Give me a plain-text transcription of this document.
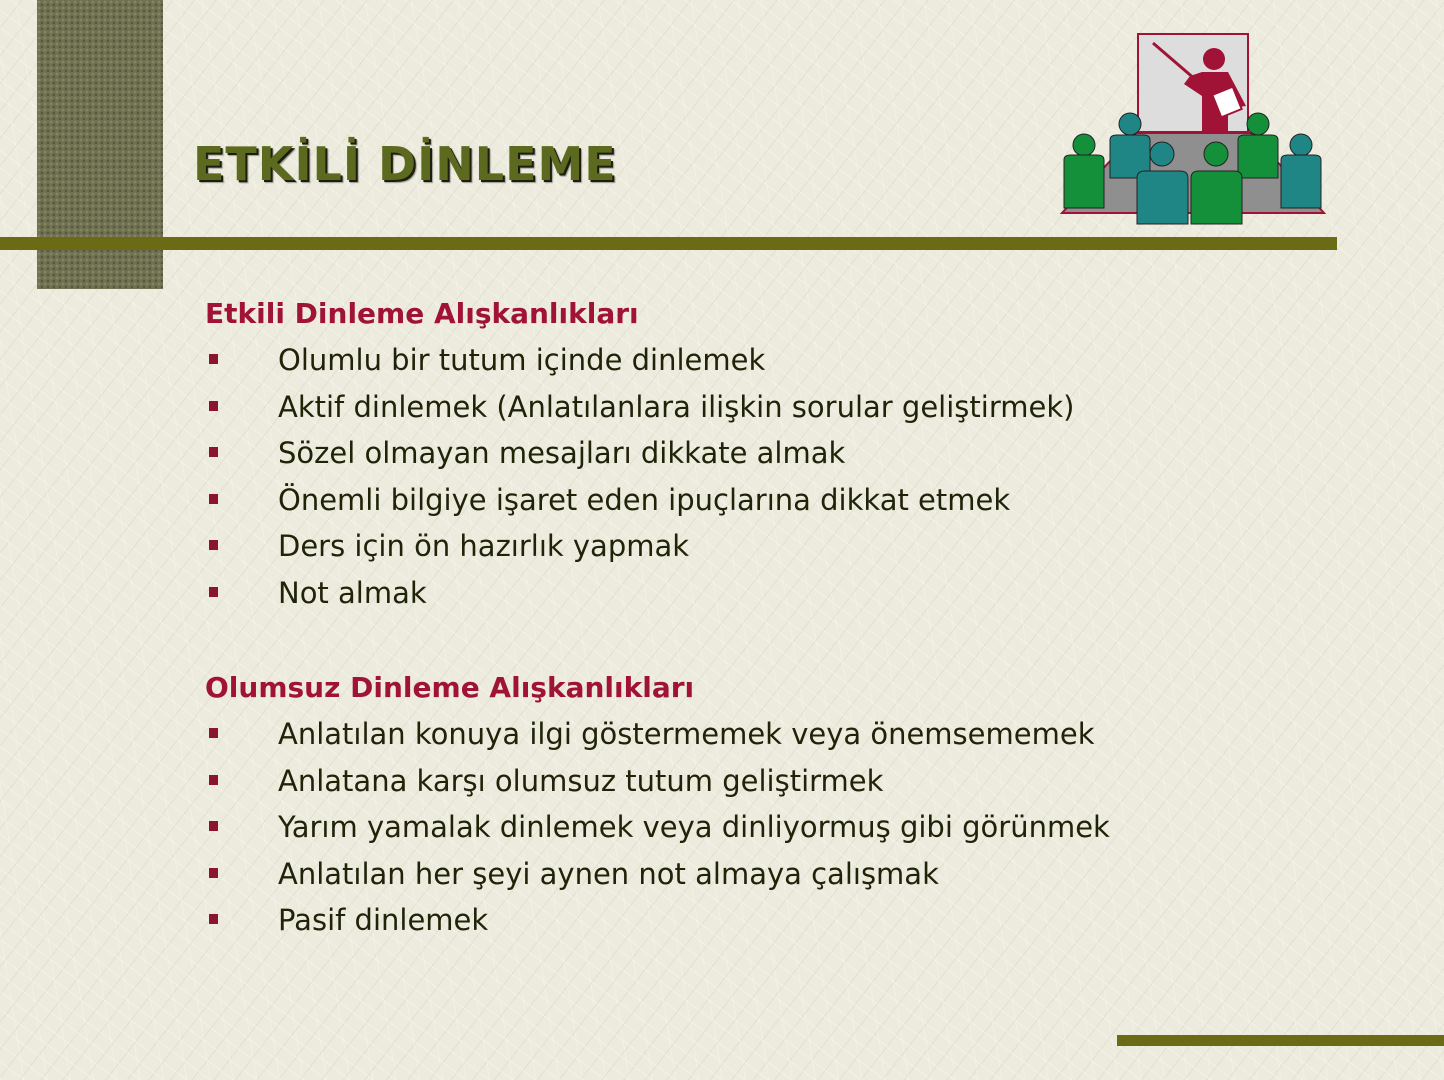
ETKİLİ DİNLEME
Etkili Dinleme Alışkanlıkları
Olumlu bir tutum içinde dinlemek
Aktif dinlemek (Anlatılanlara ilişkin sorular geliştirmek)
Sözel olmayan mesajları dikkate almak
Önemli bilgiye işaret eden ipuçlarına dikkat etmek
Ders için ön hazırlık yapmak
Not almak
Olumsuz Dinleme Alışkanlıkları
Anlatılan konuya ilgi göstermemek veya önemsememek
Anlatana karşı olumsuz tutum geliştirmek
Yarım yamalak dinlemek veya dinliyormuş gibi görünmek
Anlatılan her şeyi aynen not almaya çalışmak
Pasif dinlemek
